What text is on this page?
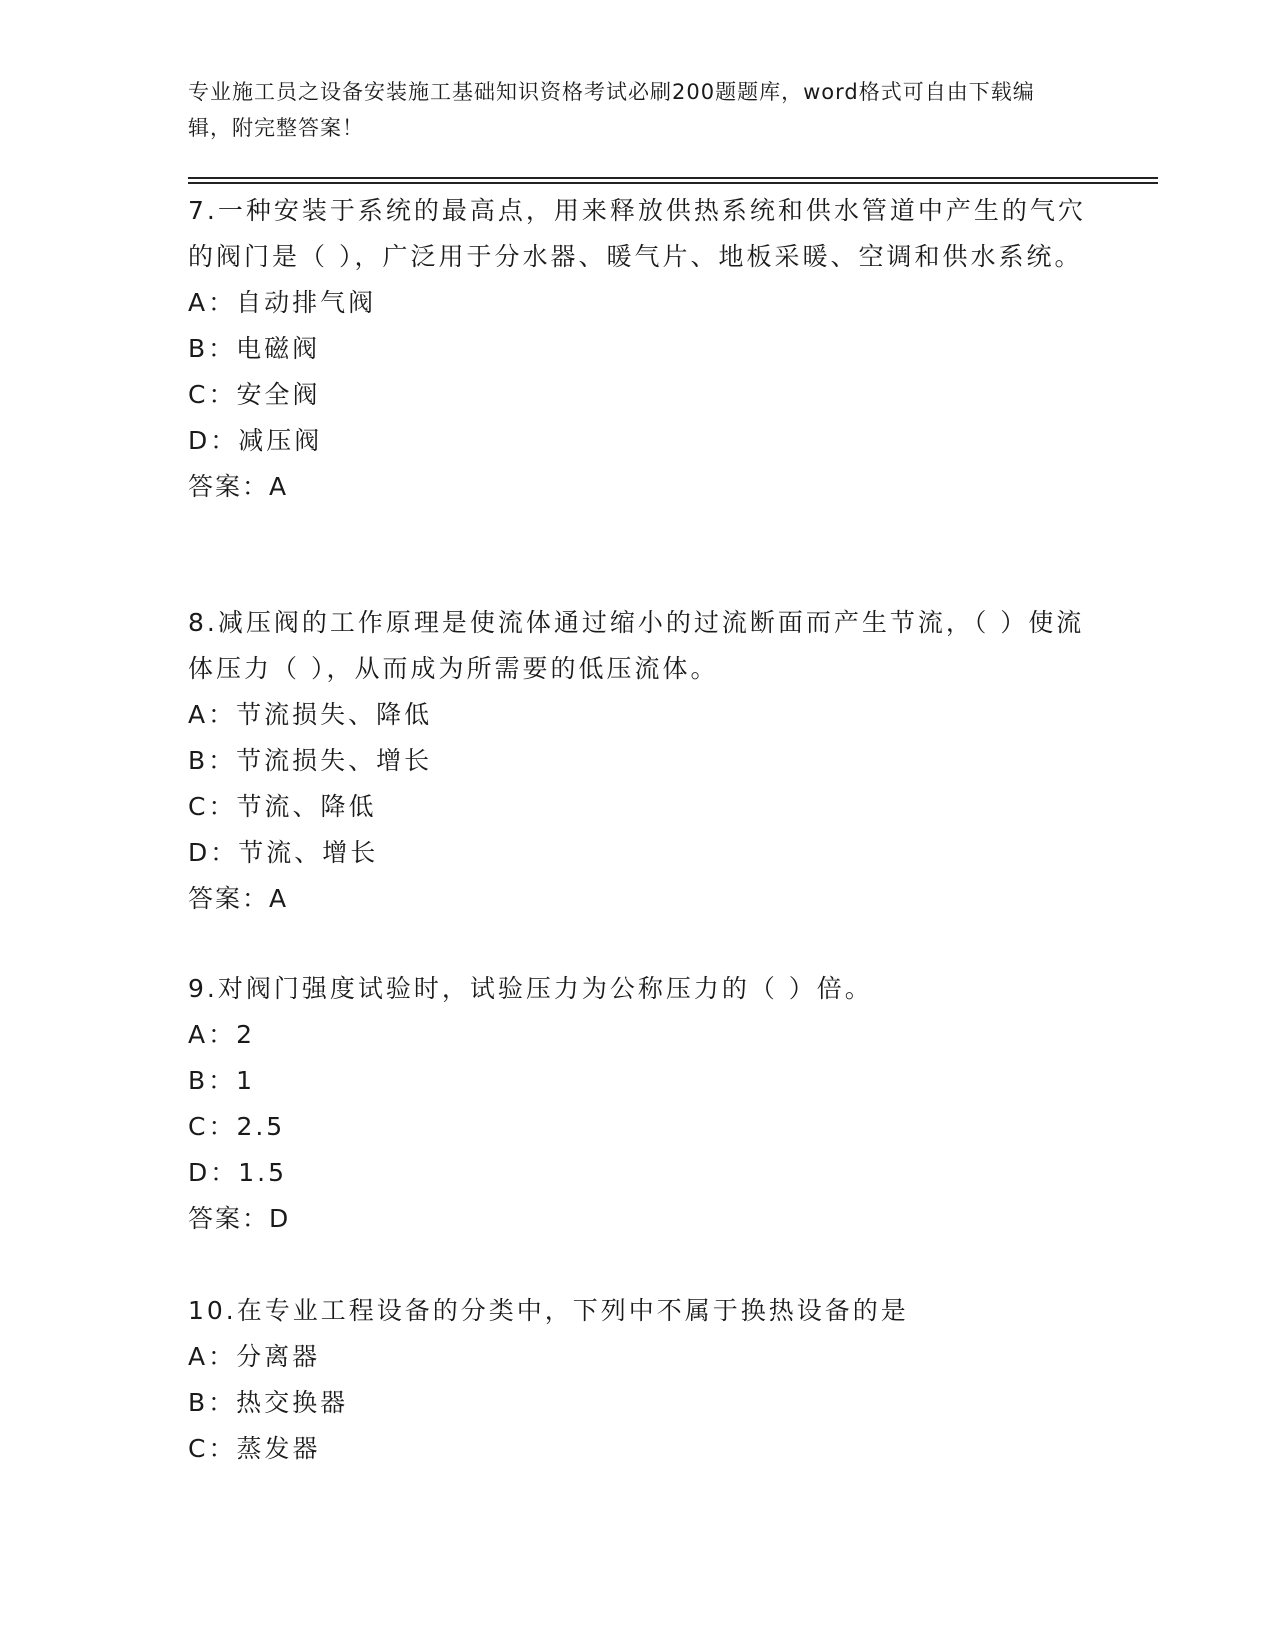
专业施工员之设备安装施工基础知识资格考试必刷200题题库，word格式可自由下载编辑，附完整答案！
7.一种安装于系统的最高点，用来释放供热系统和供水管道中产生的气穴的阀门是（ ），广泛用于分水器、暖气片、地板采暖、空调和供水系统。
A：自动排气阀
B：电磁阀
C：安全阀
D：减压阀
答案：A
8.减压阀的工作原理是使流体通过缩小的过流断面而产生节流，（ ）使流体压力（ ），从而成为所需要的低压流体。
A：节流损失、降低
B：节流损失、增长
C：节流、降低
D：节流、增长
答案：A
9.对阀门强度试验时，试验压力为公称压力的（ ）倍。
A：2
B：1
C：2.5
D：1.5
答案：D
10.在专业工程设备的分类中，下列中不属于换热设备的是
A：分离器
B：热交换器
C：蒸发器
